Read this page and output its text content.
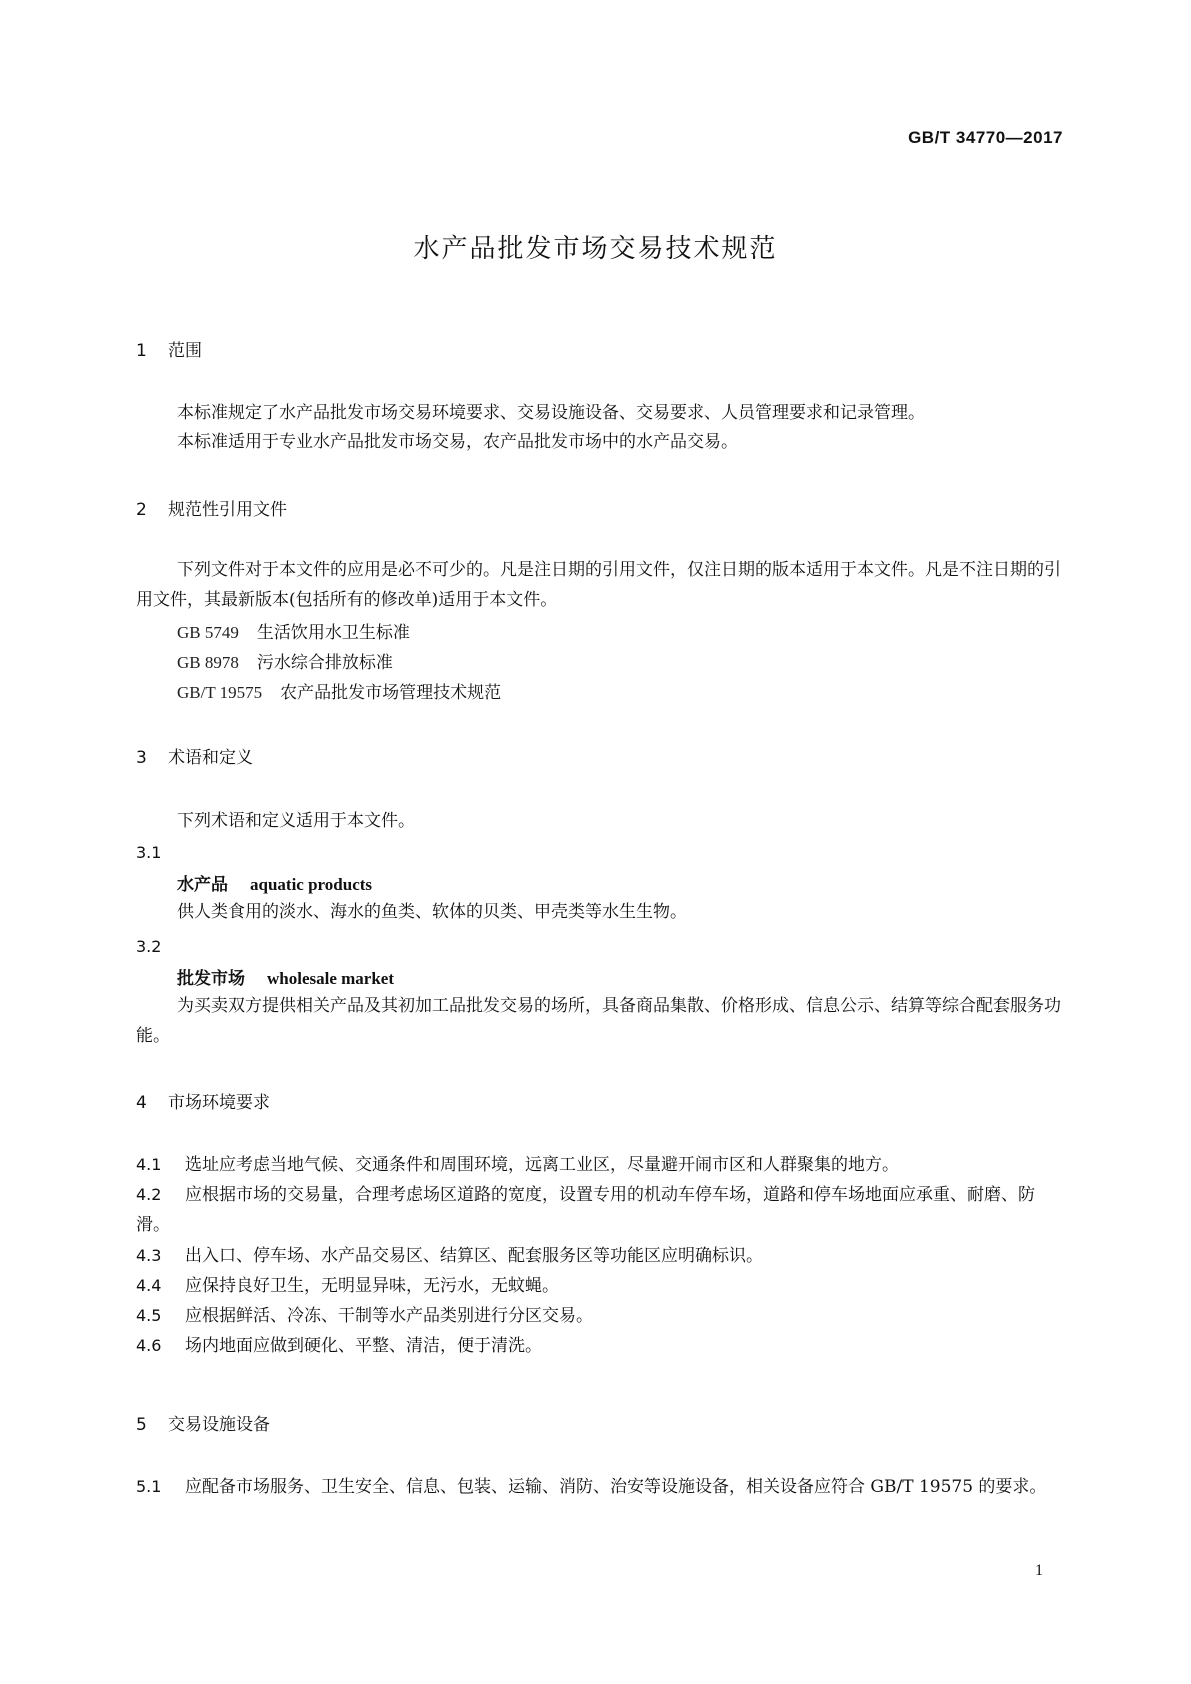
GB/T 34770—2017
水产品批发市场交易技术规范
1 范围
本标准规定了水产品批发市场交易环境要求、交易设施设备、交易要求、人员管理要求和记录管理。
本标准适用于专业水产品批发市场交易，农产品批发市场中的水产品交易。
2 规范性引用文件
下列文件对于本文件的应用是必不可少的。凡是注日期的引用文件，仅注日期的版本适用于本文件。凡是不注日期的引用文件，其最新版本(包括所有的修改单)适用于本文件。
GB 5749 生活饮用水卫生标准
GB 8978 污水综合排放标准
GB/T 19575 农产品批发市场管理技术规范
3 术语和定义
下列术语和定义适用于本文件。
3.1
水产品 aquatic products
供人类食用的淡水、海水的鱼类、软体的贝类、甲壳类等水生生物。
3.2
批发市场 wholesale market
为买卖双方提供相关产品及其初加工品批发交易的场所，具备商品集散、价格形成、信息公示、结算等综合配套服务功能。
4 市场环境要求
4.1 选址应考虑当地气候、交通条件和周围环境，远离工业区，尽量避开闹市区和人群聚集的地方。
4.2 应根据市场的交易量，合理考虑场区道路的宽度，设置专用的机动车停车场，道路和停车场地面应承重、耐磨、防滑。
4.3 出入口、停车场、水产品交易区、结算区、配套服务区等功能区应明确标识。
4.4 应保持良好卫生，无明显异味，无污水，无蚊蝇。
4.5 应根据鲜活、冷冻、干制等水产品类别进行分区交易。
4.6 场内地面应做到硬化、平整、清洁，便于清洗。
5 交易设施设备
5.1 应配备市场服务、卫生安全、信息、包装、运输、消防、治安等设施设备，相关设备应符合 GB/T 19575 的要求。
1
